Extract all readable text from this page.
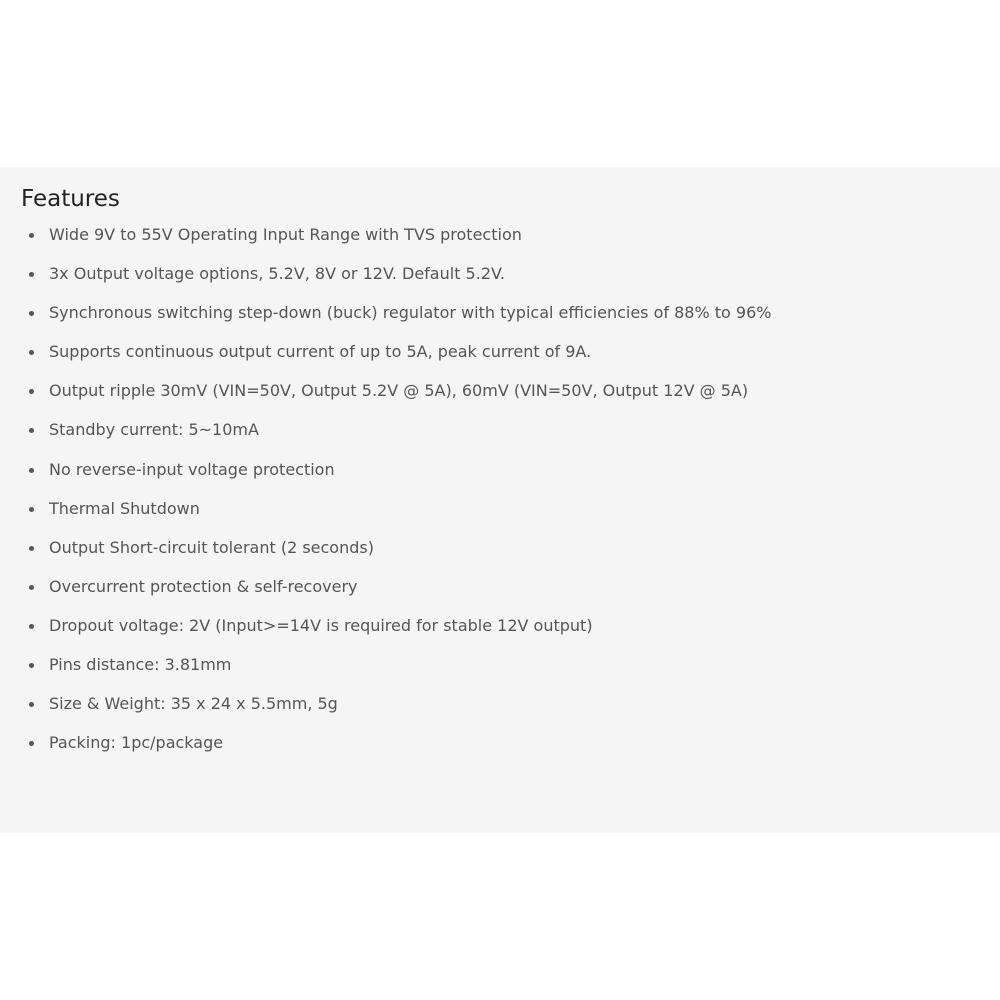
Features
Wide 9V to 55V Operating Input Range with TVS protection
3x Output voltage options, 5.2V, 8V or 12V. Default 5.2V.
Synchronous switching step-down (buck) regulator with typical efficiencies of 88% to 96%
Supports continuous output current of up to 5A, peak current of 9A.
Output ripple 30mV (VIN=50V, Output 5.2V @ 5A), 60mV (VIN=50V, Output 12V @ 5A)
Standby current: 5~10mA
No reverse-input voltage protection
Thermal Shutdown
Output Short-circuit tolerant (2 seconds)
Overcurrent protection & self-recovery
Dropout voltage: 2V (Input>=14V is required for stable 12V output)
Pins distance: 3.81mm
Size & Weight: 35 x 24 x 5.5mm, 5g
Packing: 1pc/package
